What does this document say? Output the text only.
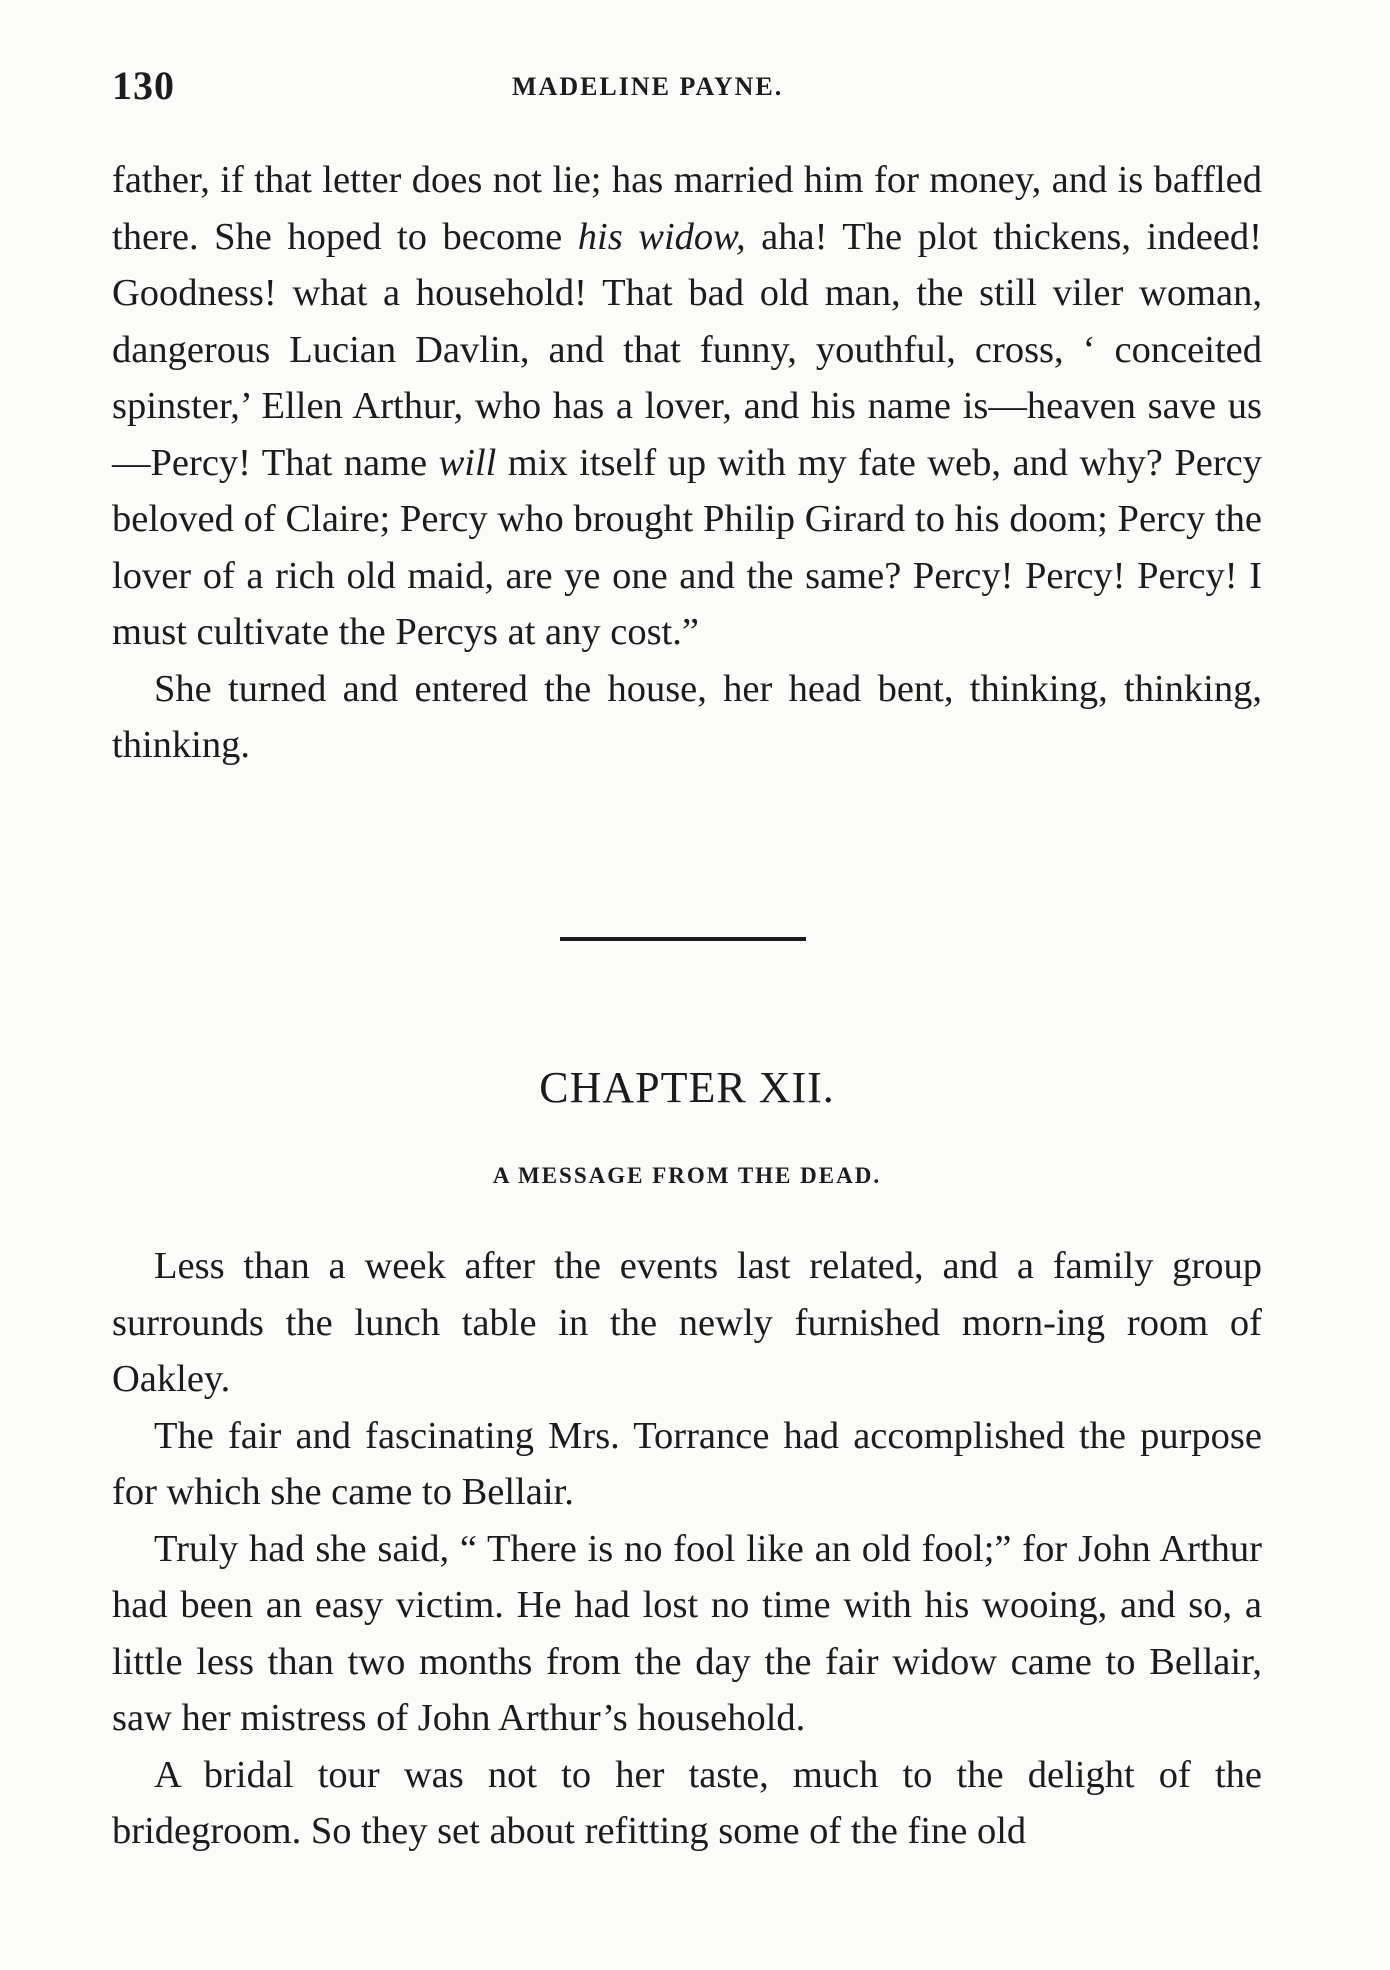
130	MADELINE PAYNE.

father, if that letter does not lie; has married him for money, and is baffled there. She hoped to become his widow, aha! The plot thickens, indeed! Goodness! what a household! That bad old man, the still viler woman, dangerous Lucian Davlin, and that funny, youthful, cross, ‘ conceited spinster,’ Ellen Arthur, who has a lover, and his name is—heaven save us—Percy! That name will mix itself up with my fate web, and why? Percy beloved of Claire; Percy who brought Philip Girard to his doom; Percy the lover of a rich old maid, are ye one and the same? Percy! Percy! Percy! I must cultivate the Percys at any cost.”

She turned and entered the house, her head bent, thinking, thinking, thinking.

CHAPTER XII.
A MESSAGE FROM THE DEAD.

Less than a week after the events last related, and a family group surrounds the lunch table in the newly furnished morn-ing room of Oakley.

The fair and fascinating Mrs. Torrance had accomplished the purpose for which she came to Bellair.

Truly had she said, “ There is no fool like an old fool;” for John Arthur had been an easy victim. He had lost no time with his wooing, and so, a little less than two months from the day the fair widow came to Bellair, saw her mistress of John Arthur’s household.

A bridal tour was not to her taste, much to the delight of the bridegroom. So they set about refitting some of the fine old
